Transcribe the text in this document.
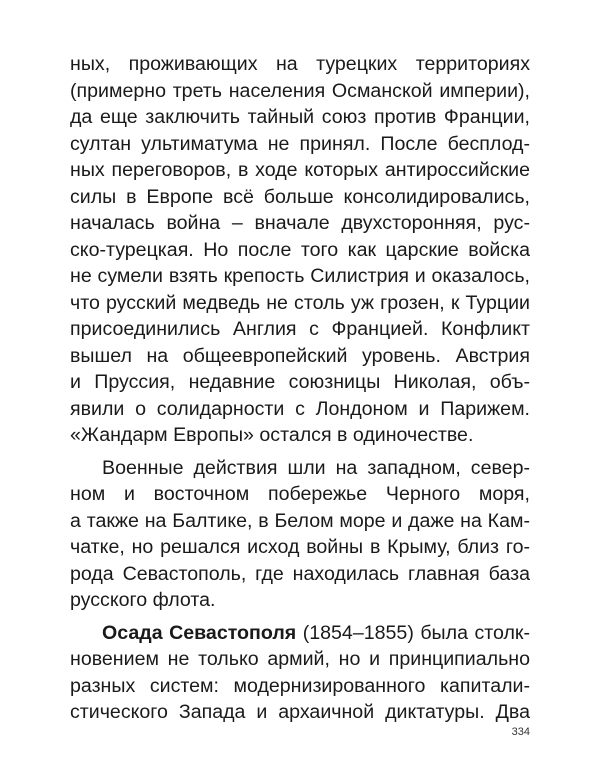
ных, проживающих на турецких территориях
(примерно треть населения Османской империи),
да еще заключить тайный союз против Франции,
султан ультиматума не принял. После бесплод-
ных переговоров, в ходе которых антироссийские
силы в Европе всё больше консолидировались,
началась война – вначале двухсторонняя, рус-
ско-турецкая. Но после того как царские войска
не сумели взять крепость Силистрия и оказалось,
что русский медведь не столь уж грозен, к Турции
присоединились Англия с Францией. Конфликт
вышел на общеевропейский уровень. Австрия
и Пруссия, недавние союзницы Николая, объ-
явили о солидарности с Лондоном и Парижем.
«Жандарм Европы» остался в одиночестве.
Военные действия шли на западном, север-
ном и восточном побережье Черного моря,
а также на Балтике, в Белом море и даже на Кам-
чатке, но решался исход войны в Крыму, близ го-
рода Севастополь, где находилась главная база
русского флота.
Осада Севастополя (1854–1855) была столк-
новением не только армий, но и принципиально
разных систем: модернизированного капитали-
стического Запада и архаичной диктатуры. Два
334
